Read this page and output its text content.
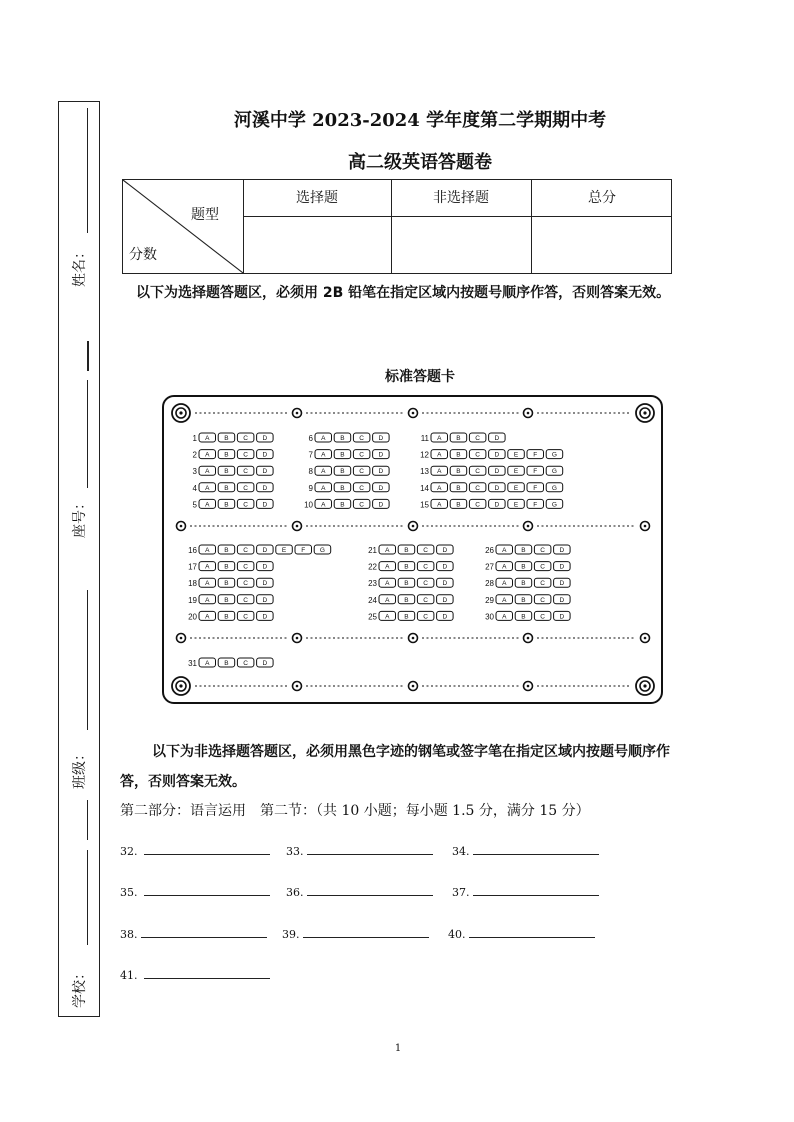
姓名：
座号：
班级：
学校：
河溪中学 2023-2024 学年度第二学期期中考
高二级英语答题卷
题型
分数
选择题	非选择题	总分
以下为选择题答题区，必须用 2B 铅笔在指定区域内按题号顺序作答，否则答案无效。
标准答题卡
1 A B C D
2 A B C D
3 A B C D
4 A B C D
5 A B C D
6 A B C D
7 A B C D
8 A B C D
9 A B C D
10 A B C D
11 A B C D
12 A B C D E F G
13 A B C D E F G
14 A B C D E F G
15 A B C D E F G
16 A B C D E F G
17 A B C D
18 A B C D
19 A B C D
20 A B C D
21 A B C D
22 A B C D
23 A B C D
24 A B C D
25 A B C D
26 A B C D
27 A B C D
28 A B C D
29 A B C D
30 A B C D
31 A B C D
以下为非选择题答题区，必须用黑色字迹的钢笔或签字笔在指定区域内按题号顺序作答，否则答案无效。
第二部分：语言运用　第二节：（共 10 小题；每小题 1.5 分，满分 15 分）
32.	33.	34.
35.	36.	37.
38.	39.	40.
41.
1
